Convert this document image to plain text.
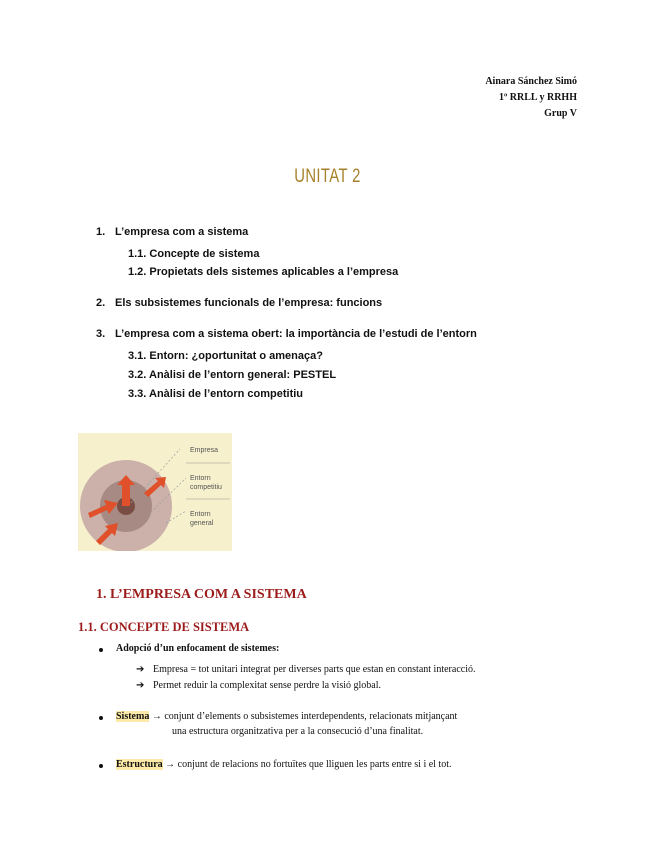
Ainara Sánchez Simó
1º RRLL y RRHH
Grup V
UNITAT 2
1. L’empresa com a sistema
1.1. Concepte de sistema
1.2. Propietats dels sistemes aplicables a l’empresa
2. Els subsistemes funcionals de l’empresa: funcions
3. L’empresa com a sistema obert: la importància de l’estudi de l’entorn
3.1. Entorn: ¿oportunitat o amenaça?
3.2. Anàlisi de l’entorn general: PESTEL
3.3. Anàlisi de l’entorn competitiu
Empresa
Entorn
competitiu
Entorn
general
1. L’EMPRESA COM A SISTEMA
1.1. CONCEPTE DE SISTEMA
Adopció d’un enfocament de sistemes:
➔ Empresa = tot unitari integrat per diverses parts que estan en constant interacció.
➔ Permet reduir la complexitat sense perdre la visió global.
Sistema → conjunt d’elements o subsistemes interdependents, relacionats mitjançant
una estructura organitzativa per a la consecució d’una finalitat.
Estructura → conjunt de relacions no fortuïtes que lliguen les parts entre si i el tot.
